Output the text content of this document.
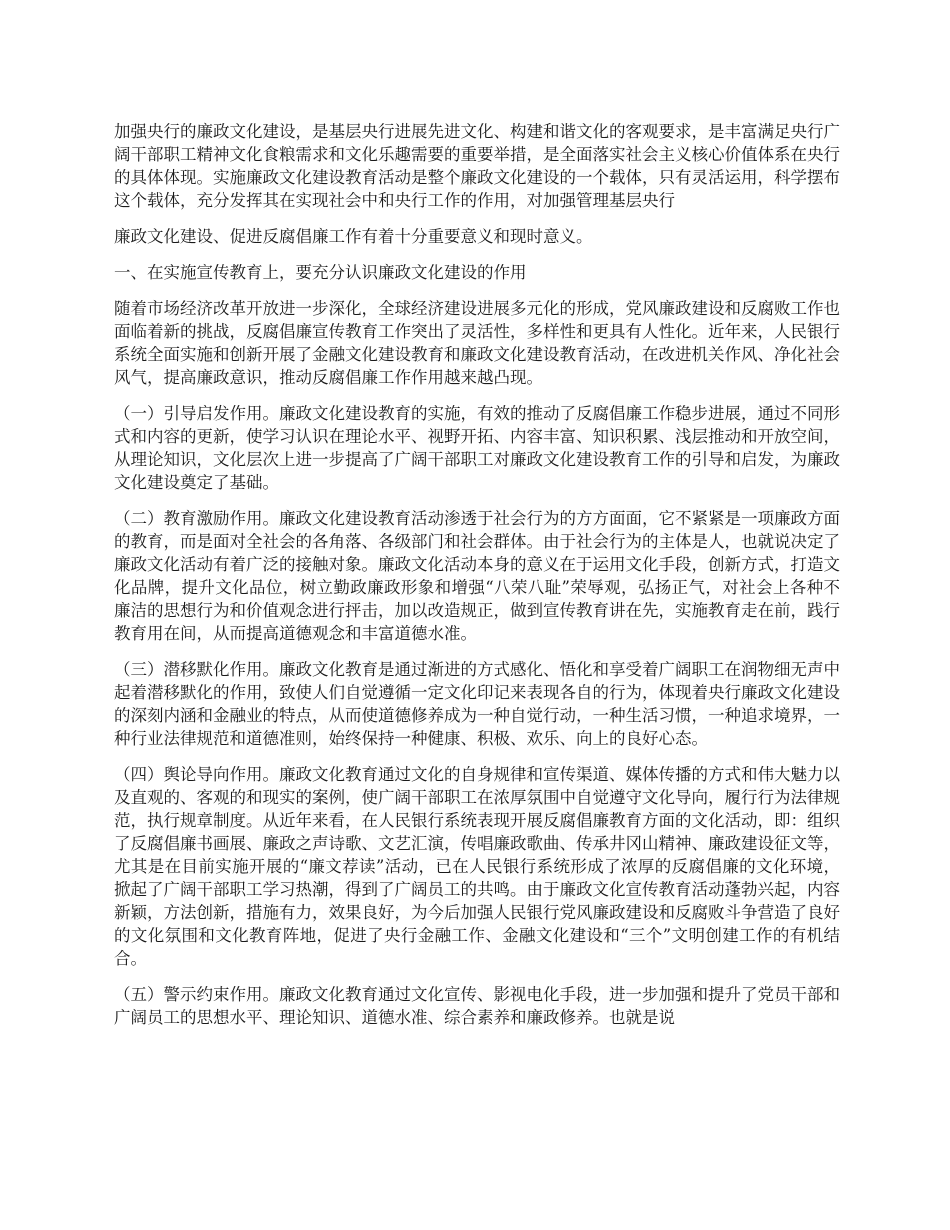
加强央行的廉政文化建设，是基层央行进展先进文化、构建和谐文化的客观要求，是丰富满足央行广阔干部职工精神文化食粮需求和文化乐趣需要的重要举措，是全面落实社会主义核心价值体系在央行的具体体现。实施廉政文化建设教育活动是整个廉政文化建设的一个载体，只有灵活运用，科学摆布这个载体，充分发挥其在实现社会中和央行工作的作用，对加强管理基层央行

廉政文化建设、促进反腐倡廉工作有着十分重要意义和现时意义。

一、在实施宣传教育上，要充分认识廉政文化建设的作用

随着市场经济改革开放进一步深化，全球经济建设进展多元化的形成，党风廉政建设和反腐败工作也面临着新的挑战，反腐倡廉宣传教育工作突出了灵活性，多样性和更具有人性化。近年来，人民银行系统全面实施和创新开展了金融文化建设教育和廉政文化建设教育活动，在改进机关作风、净化社会风气，提高廉政意识，推动反腐倡廉工作作用越来越凸现。

（一）引导启发作用。廉政文化建设教育的实施，有效的推动了反腐倡廉工作稳步进展，通过不同形式和内容的更新，使学习认识在理论水平、视野开拓、内容丰富、知识积累、浅层推动和开放空间，从理论知识，文化层次上进一步提高了广阔干部职工对廉政文化建设教育工作的引导和启发，为廉政文化建设奠定了基础。

（二）教育激励作用。廉政文化建设教育活动渗透于社会行为的方方面面，它不紧紧是一项廉政方面的教育，而是面对全社会的各角落、各级部门和社会群体。由于社会行为的主体是人，也就说决定了廉政文化活动有着广泛的接触对象。廉政文化活动本身的意义在于运用文化手段，创新方式，打造文化品牌，提升文化品位，树立勤政廉政形象和增强“八荣八耻”荣辱观，弘扬正气，对社会上各种不廉洁的思想行为和价值观念进行抨击，加以改造规正，做到宣传教育讲在先，实施教育走在前，践行教育用在间，从而提高道德观念和丰富道德水准。

（三）潜移默化作用。廉政文化教育是通过渐进的方式感化、悟化和享受着广阔职工在润物细无声中起着潜移默化的作用，致使人们自觉遵循一定文化印记来表现各自的行为，体现着央行廉政文化建设的深刻内涵和金融业的特点，从而使道德修养成为一种自觉行动，一种生活习惯，一种追求境界，一种行业法律规范和道德准则，始终保持一种健康、积极、欢乐、向上的良好心态。

（四）舆论导向作用。廉政文化教育通过文化的自身规律和宣传渠道、媒体传播的方式和伟大魅力以及直观的、客观的和现实的案例，使广阔干部职工在浓厚氛围中自觉遵守文化导向，履行行为法律规范，执行规章制度。从近年来看，在人民银行系统表现开展反腐倡廉教育方面的文化活动，即：组织了反腐倡廉书画展、廉政之声诗歌、文艺汇演，传唱廉政歌曲、传承井冈山精神、廉政建设征文等，尤其是在目前实施开展的“廉文荐读”活动，已在人民银行系统形成了浓厚的反腐倡廉的文化环境，掀起了广阔干部职工学习热潮，得到了广阔员工的共鸣。由于廉政文化宣传教育活动蓬勃兴起，内容新颖，方法创新，措施有力，效果良好，为今后加强人民银行党风廉政建设和反腐败斗争营造了良好的文化氛围和文化教育阵地，促进了央行金融工作、金融文化建设和“三个”文明创建工作的有机结合。

（五）警示约束作用。廉政文化教育通过文化宣传、影视电化手段，进一步加强和提升了党员干部和广阔员工的思想水平、理论知识、道德水准、综合素养和廉政修养。也就是说
